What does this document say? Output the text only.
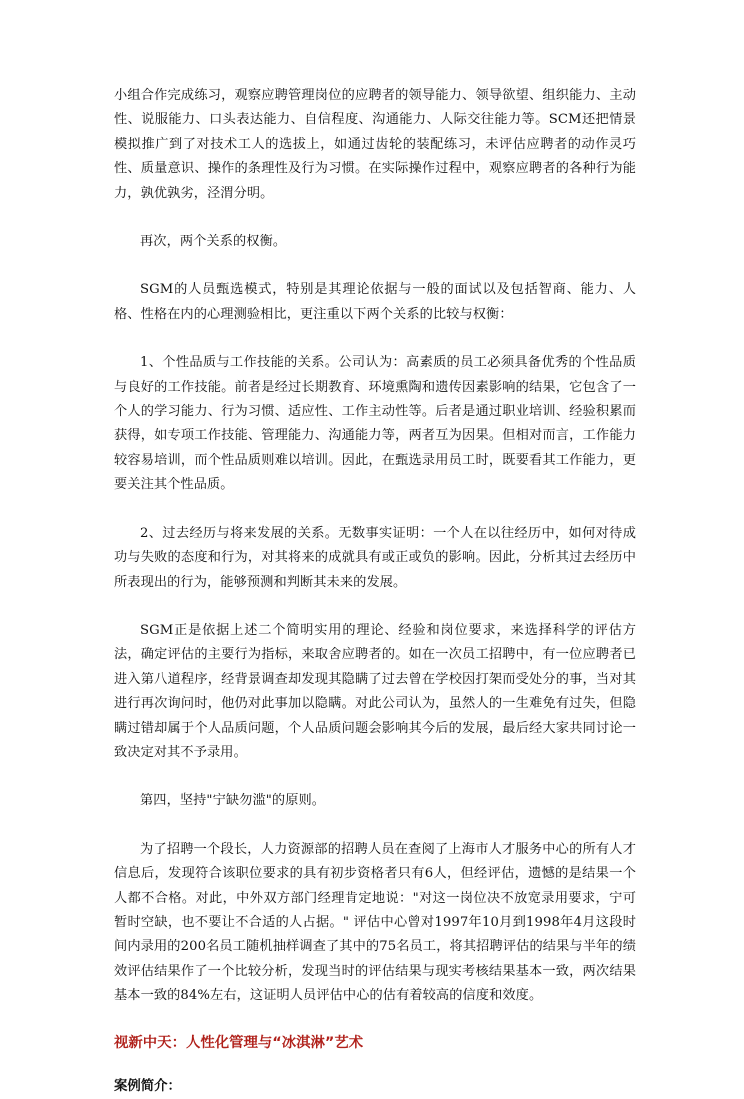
小组合作完成练习，观察应聘管理岗位的应聘者的领导能力、领导欲望、组织能力、主动性、说服能力、口头表达能力、自信程度、沟通能力、人际交往能力等。SCM还把情景模拟推广到了对技术工人的选拔上，如通过齿轮的装配练习，未评估应聘者的动作灵巧性、质量意识、操作的条理性及行为习惯。在实际操作过程中，观察应聘者的各种行为能力，孰优孰劣，泾渭分明。

再次，两个关系的权衡。

SGM的人员甄选模式，特别是其理论依据与一般的面试以及包括智商、能力、人格、性格在内的心理测验相比，更注重以下两个关系的比较与权衡：

1、个性品质与工作技能的关系。公司认为：高素质的员工必须具备优秀的个性品质与良好的工作技能。前者是经过长期教育、环境熏陶和遗传因素影响的结果，它包含了一个人的学习能力、行为习惯、适应性、工作主动性等。后者是通过职业培训、经验积累而获得，如专项工作技能、管理能力、沟通能力等，两者互为因果。但相对而言，工作能力较容易培训，而个性品质则难以培训。因此，在甄选录用员工时，既要看其工作能力，更要关注其个性品质。

2、过去经历与将来发展的关系。无数事实证明：一个人在以往经历中，如何对待成功与失败的态度和行为，对其将来的成就具有或正或负的影响。因此，分析其过去经历中所表现出的行为，能够预测和判断其未来的发展。

SGM正是依据上述二个简明实用的理论、经验和岗位要求，来选择科学的评估方法，确定评估的主要行为指标，来取舍应聘者的。如在一次员工招聘中，有一位应聘者已进入第八道程序，经背景调查却发现其隐瞒了过去曾在学校因打架而受处分的事，当对其进行再次询问时，他仍对此事加以隐瞒。对此公司认为，虽然人的一生难免有过失，但隐瞒过错却属于个人品质问题，个人品质问题会影响其今后的发展，最后经大家共同讨论一致决定对其不予录用。

第四，坚持"宁缺勿滥"的原则。

为了招聘一个段长，人力资源部的招聘人员在查阅了上海市人才服务中心的所有人才信息后，发现符合该职位要求的具有初步资格者只有6人，但经评估，遗憾的是结果一个人都不合格。对此，中外双方部门经理肯定地说："对这一岗位决不放宽录用要求，宁可暂时空缺，也不要让不合适的人占据。" 评估中心曾对1997年10月到1998年4月这段时间内录用的200名员工随机抽样调查了其中的75名员工，将其招聘评估的结果与半年的绩效评估结果作了一个比较分析，发现当时的评估结果与现实考核结果基本一致，两次结果基本一致的84%左右，这证明人员评估中心的估有着较高的信度和效度。

视新中天：人性化管理与“冰淇淋”艺术

案例简介：
